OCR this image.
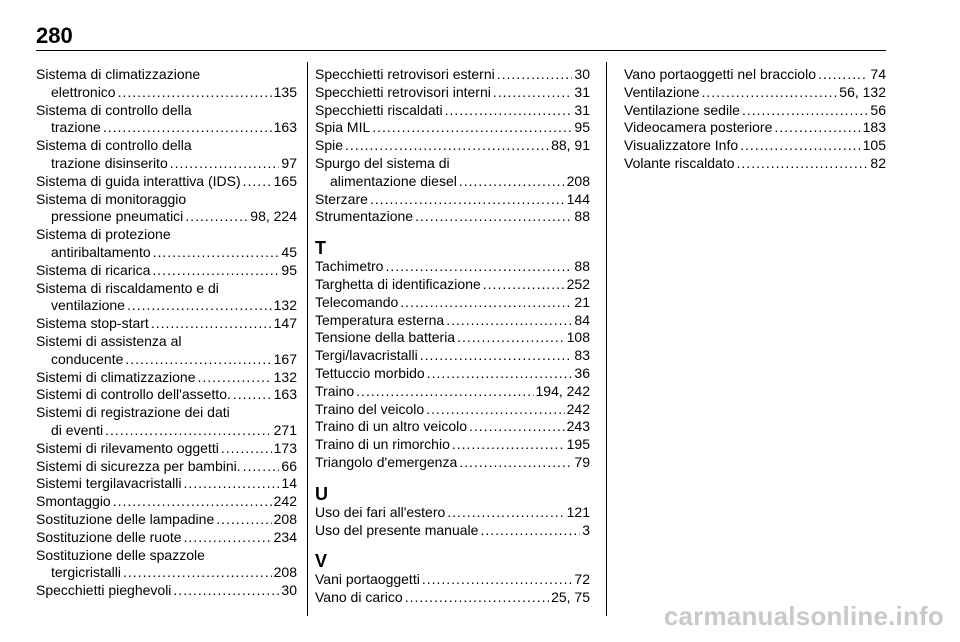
280
Sistema di climatizzazione
elettronico .....	135
Sistema di controllo della
trazione .....	163
Sistema di controllo della
trazione disinserito .....	97
Sistema di guida interattiva (IDS) ..... 165
Sistema di monitoraggio
pressione pneumatici .....	98, 224
Sistema di protezione
antiribaltamento .....	45
Sistema di ricarica .....	95
Sistema di riscaldamento e di
ventilazione .....	132
Sistema stop-start .....	147
Sistemi di assistenza al
conducente .....	167
Sistemi di climatizzazione .....	132
Sistemi di controllo dell'assetto. .....	163
Sistemi di registrazione dei dati
di eventi .....	271
Sistemi di rilevamento oggetti .....	173
Sistemi di sicurezza per bambini. .....	66
Sistemi tergilavacristalli .....	14
Smontaggio .....	242
Sostituzione delle lampadine .....	208
Sostituzione delle ruote .....	234
Sostituzione delle spazzole
tergicristalli .....	208
Specchietti pieghevoli .....	30
Specchietti retrovisori esterni .....	30
Specchietti retrovisori interni .....	31
Specchietti riscaldati .....	31
Spia MIL .....	95
Spie .....	88, 91
Spurgo del sistema di
alimentazione diesel .....	208
Sterzare .....	144
Strumentazione .....	88
T
Tachimetro .....	88
Targhetta di identificazione .....	252
Telecomando .....	21
Temperatura esterna .....	84
Tensione della batteria .....	108
Tergi/lavacristalli .....	83
Tettuccio morbido .....	36
Traino .....	194, 242
Traino del veicolo .....	242
Traino di un altro veicolo .....	243
Traino di un rimorchio .....	195
Triangolo d'emergenza .....	79
U
Uso dei fari all'estero .....	121
Uso del presente manuale .....	3
V
Vani portaoggetti .....	72
Vano di carico .....	25, 75
Vano portaoggetti nel bracciolo .....	74
Ventilazione .....	56, 132
Ventilazione sedile .....	56
Videocamera posteriore .....	183
Visualizzatore Info .....	105
Volante riscaldato .....	82
carmanualsonline.info
